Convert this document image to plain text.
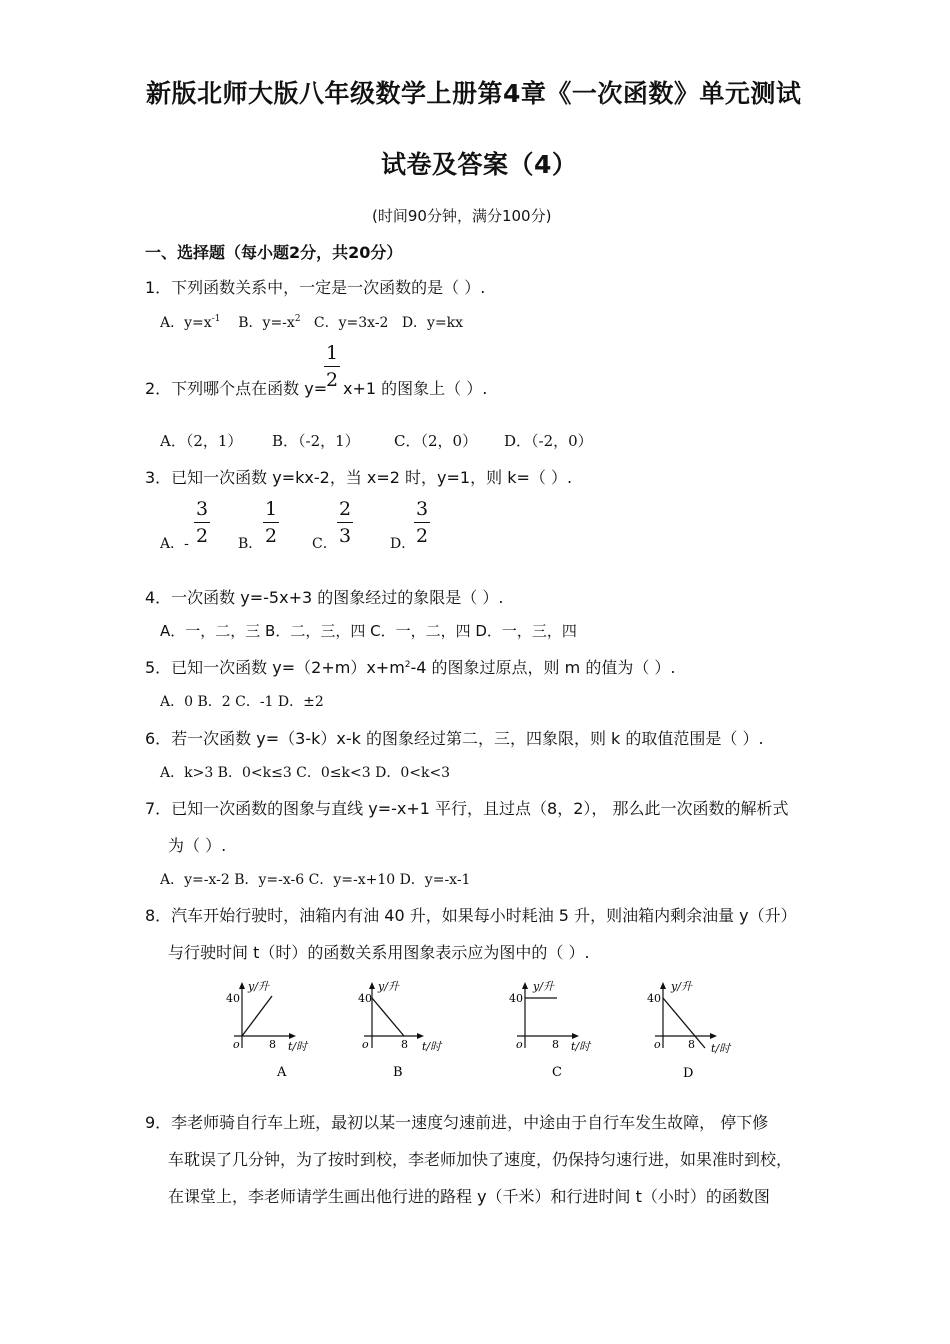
新版北师大版八年级数学上册第4章《一次函数》单元测试
试卷及答案（4）
(时间90分钟，满分100分)
一、选择题（每小题2分，共20分）
1．下列函数关系中，一定是一次函数的是（ ）.
A．$y=x^{-1}$ B．$y=-x^2$ C．y=3x-2 D．y=kx
2．下列哪个点在函数 y=
$\frac{1}{2} x+1$ 的图象上（ ）.
A．（2，1） B．（-2，1） C．（2，0） D．（-2，0）
3．已知一次函数 y=kx-2，当 x=2 时，y=1，则 k=（ ）.
A．- $\frac{3}{2}$ B． $\frac{1}{2}$ C． $\frac{2}{3}$	D．
$\frac{3}{2}$
4．一次函数 y=-5x+3 的图象经过的象限是（ ）.
A．一，二，三 B．二，三，四 C．一，二，四 D．一，三，四
5．已知一次函数 $y=(2+m)x+m^2-4$ 的图象过原点，则 m 的值为（ ）.
A．0 B．2 C．-1 D．±2
6．若一次函数 y=（3-k）x-k 的图象经过第二，三，四象限，则 k 的取值范围是（ ）.
A．k>3 B．0<k≤3 C．0≤k<3 D．0<k<3
7．已知一次函数的图象与直线 y=-x+1 平行，且过点（8，2）， 那么此一次函数的解析式
为（ ）.
A．y=-x-2 B．y=-x-6 C．y=-x+10 D．y=-x-1
8．汽车开始行驶时，油箱内有油 40 升，如果每小时耗油 5 升，则油箱内剩余油量 y（升）
与行驶时间 t（时）的函数关系用图象表示应为图中的（ ）.
y/升
40
o	8 t/时
A
y/升
40
o	8 t/时
B
y/升
40
o	8 t/时
C
y/升
40
o 8 t/时
D
9．李老师骑自行车上班，最初以某一速度匀速前进，中途由于自行车发生故障， 停下修
车耽误了几分钟，为了按时到校，李老师加快了速度，仍保持匀速行进，如果准时到校，
在课堂上，李老师请学生画出他行进的路程 y（千米）和行进时间 t（小时）的函数图
